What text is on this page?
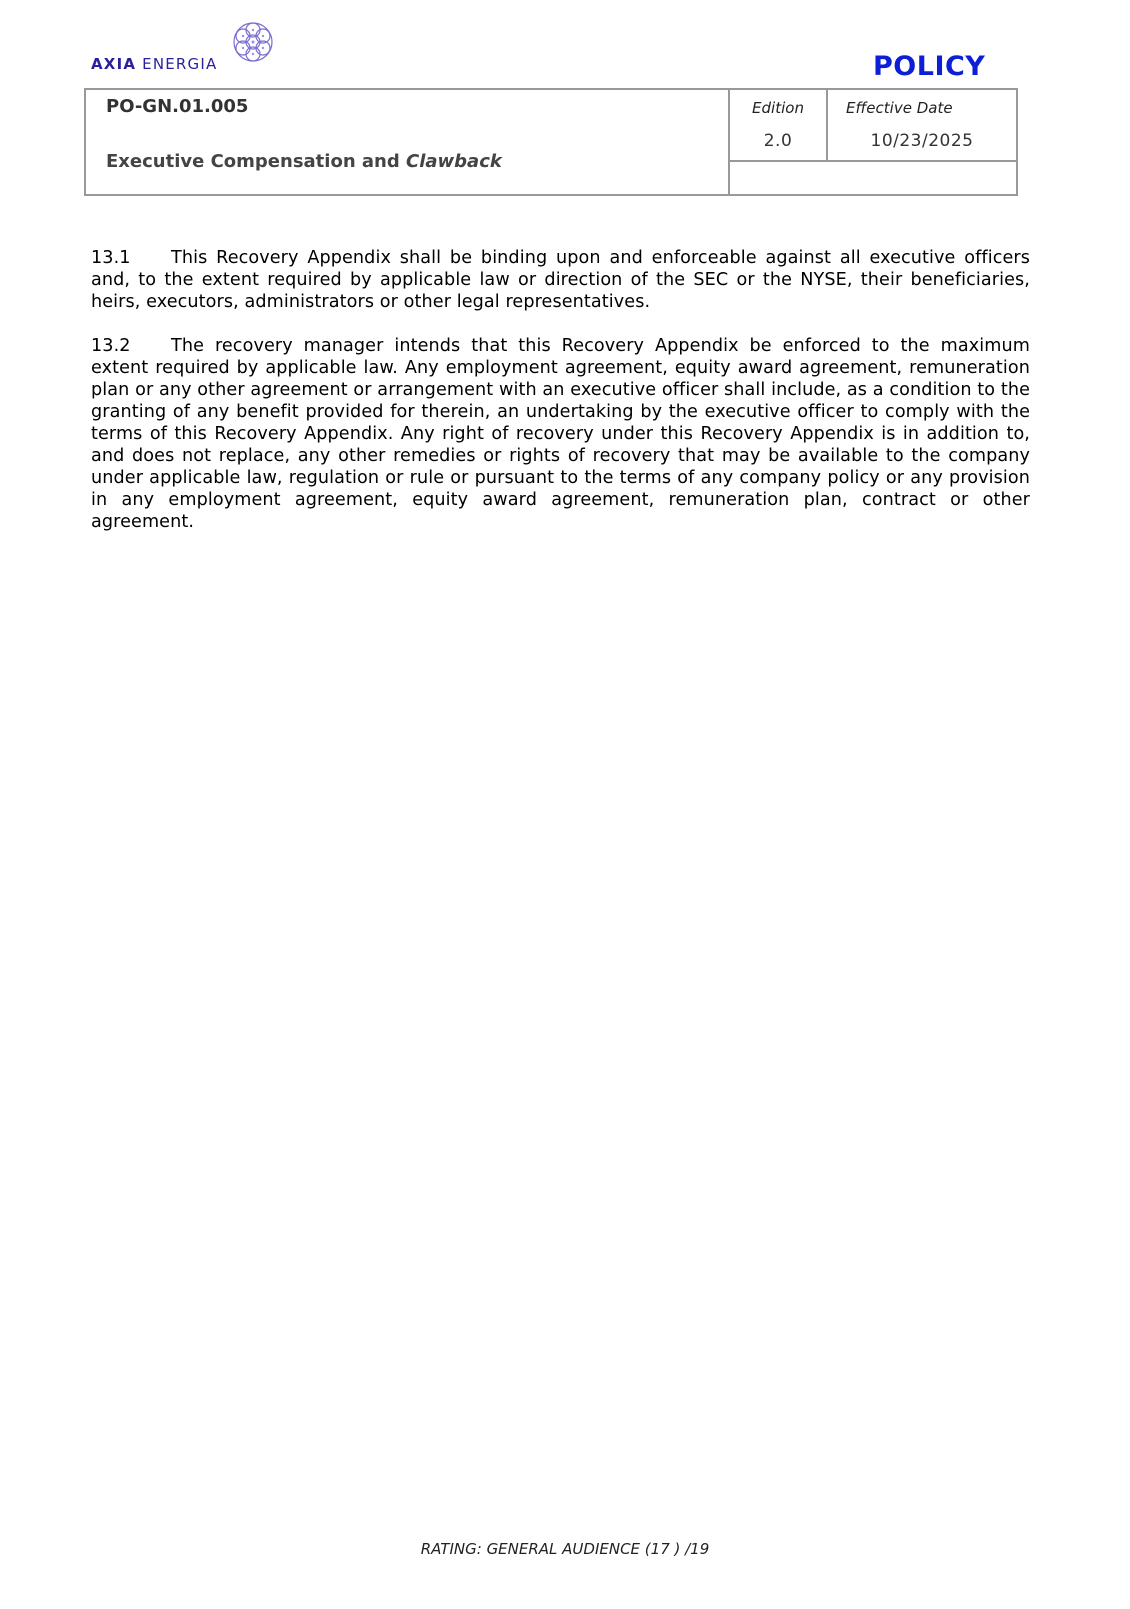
AXIA ENERGIA	POLICY
PO-GN.01.005
Executive Compensation and Clawback
Edition
2.0
Effective Date
10/23/2025

13.1 This Recovery Appendix shall be binding upon and enforceable against all executive officers and, to the extent required by applicable law or direction of the SEC or the NYSE, their beneficiaries, heirs, executors, administrators or other legal representatives.

13.2 The recovery manager intends that this Recovery Appendix be enforced to the maximum extent required by applicable law. Any employment agreement, equity award agreement, remuneration plan or any other agreement or arrangement with an executive officer shall include, as a condition to the granting of any benefit provided for therein, an undertaking by the executive officer to comply with the terms of this Recovery Appendix. Any right of recovery under this Recovery Appendix is in addition to, and does not replace, any other remedies or rights of recovery that may be available to the company under applicable law, regulation or rule or pursuant to the terms of any company policy or any provision in any employment agreement, equity award agreement, remuneration plan, contract or other agreement.

RATING: GENERAL AUDIENCE (17 ) /19
